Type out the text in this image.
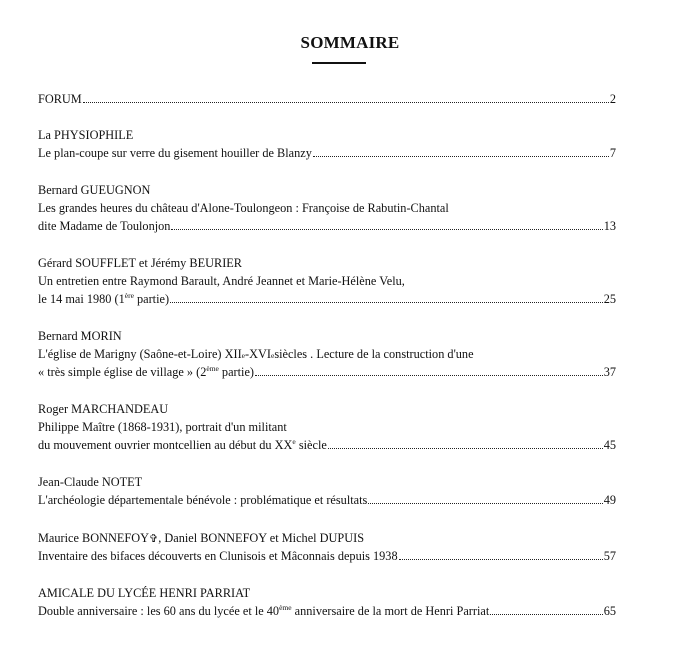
SOMMAIRE
FORUM	2
La PHYSIOPHILE
Le plan-coupe sur verre du gisement houiller de Blanzy	7
Bernard GUEUGNON
Les grandes heures du château d'Alone-Toulongeon : Françoise de Rabutin-Chantal
dite Madame de Toulonjon	13
Gérard SOUFFLET et Jérémy BEURIER
Un entretien entre Raymond Barault, André Jeannet et Marie-Hélène Velu,
le 14 mai 1980 (1ère partie)	25
Bernard MORIN
L'église de Marigny (Saône-et-Loire) XII e -XVI e siècles . Lecture de la construction d'une
« très simple église de village » (2ème partie)	37
Roger MARCHANDEAU
Philippe Maître (1868-1931), portrait d'un militant
du mouvement ouvrier montcellien au début du XXe siècle	45
Jean-Claude NOTET
L'archéologie départementale bénévole : problématique et résultats	49
Maurice BONNEFOY ✞ , Daniel BONNEFOY et Michel DUPUIS
Inventaire des bifaces découverts en Clunisois et Mâconnais depuis 1938	57
AMICALE DU LYCÉE HENRI PARRIAT
Double anniversaire : les 60 ans du lycée et le 40ème anniversaire de la mort de Henri Parriat	65
